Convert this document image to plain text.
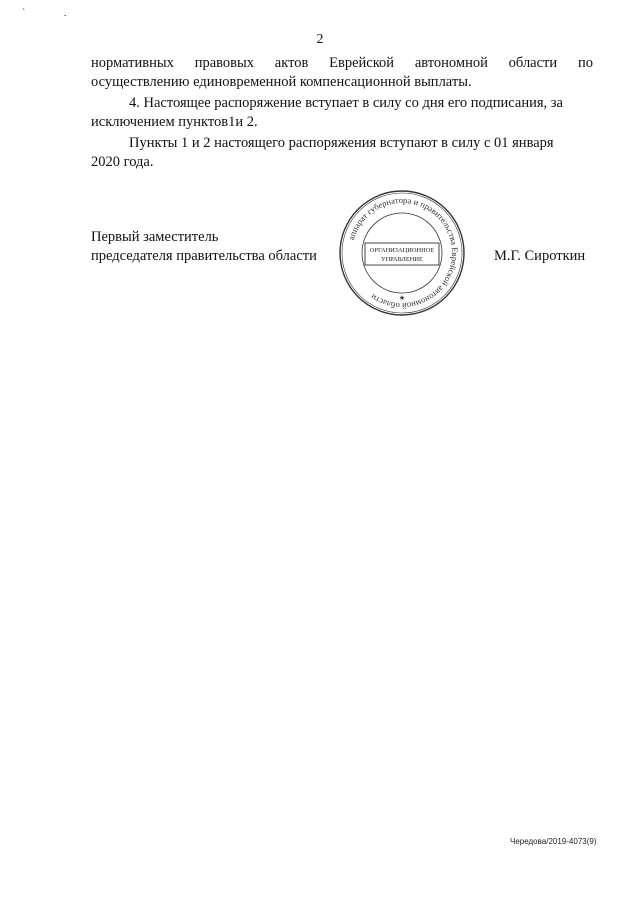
` .
2
нормативных правовых актов Еврейской автономной области по
осуществлению единовременной компенсационной выплаты.
4. Настоящее распоряжение вступает в силу со дня его подписания, за
исключением пунктов1и 2.
Пункты 1 и 2 настоящего распоряжения вступают в силу с 01 января
2020 года.
Первый заместитель
председателя правительства области
аппарат губернатора и правительства Еврейской автономной области
ОРГАНИЗАЦИОННОЕ
УПРАВЛЕНИЕ
★
М.Г. Сироткин
Чередова/2019-4073(9)
